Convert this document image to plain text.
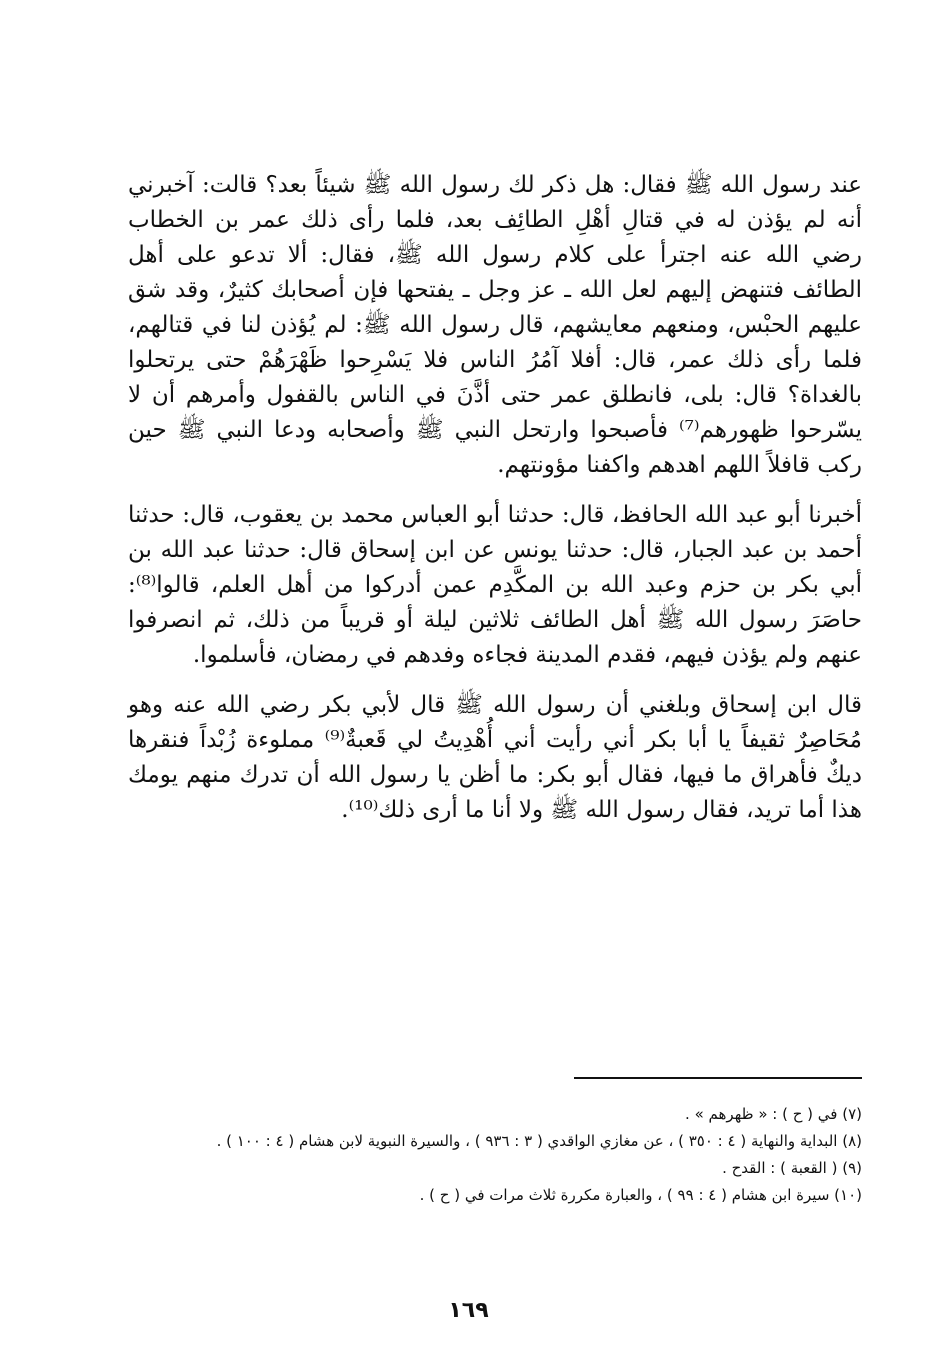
عند رسول الله ﷺ فقال: هل ذكر لك رسول الله ﷺ شيئاً بعد؟ قالت: آخبرني أنه لم يؤذن له في قتالِ أهْلِ الطائِف بعد، فلما رأى ذلك عمر بن الخطاب رضي الله عنه اجترأ على كلام رسول الله ﷺ، فقال: ألا تدعو على أهل الطائف فتنهض إليهم لعل الله ـ عز وجل ـ يفتحها فإن أصحابك كثيرٌ، وقد شق عليهم الحبْس، ومنعهم معايشهم، قال رسول الله ﷺ: لم يُؤذن لنا في قتالهم، فلما رأى ذلك عمر، قال: أفلا آمُرُ الناس فلا يَسْرِحوا ظَهْرَهُمْ حتى يرتحلوا بالغداة؟ قال: بلى، فانطلق عمر حتى أذَّنَ في الناس بالقفول وأمرهم أن لا يسّرحوا ظهورهم⁽⁷⁾ فأصبحوا وارتحل النبي ﷺ وأصحابه ودعا النبي ﷺ حين ركب قافلاً اللهم اهدهم واكفنا مؤونتهم.

أخبرنا أبو عبد الله الحافظ، قال: حدثنا أبو العباس محمد بن يعقوب، قال: حدثنا أحمد بن عبد الجبار، قال: حدثنا يونس عن ابن إسحاق قال: حدثنا عبد الله بن أبي بكر بن حزم وعبد الله بن المكَّدِم عمن أدركوا من أهل العلم، قالوا⁽⁸⁾: حاصَرَ رسول الله ﷺ أهل الطائف ثلاثين ليلة أو قريباً من ذلك، ثم انصرفوا عنهم ولم يؤذن فيهم، فقدم المدينة فجاءه وفدهم في رمضان، فأسلموا.

قال ابن إسحاق وبلغني أن رسول الله ﷺ قال لأبي بكر رضي الله عنه وهو مُحَاصِرٌ ثقيفاً يا أبا بكر أني رأيت أني أُهْدِيتُ لي قَعبةٌ⁽⁹⁾ مملوءة زُبْداً فنقرها ديكٌ فأهراق ما فيها، فقال أبو بكر: ما أظن يا رسول الله أن تدرك منهم يومك هذا أما تريد، فقال رسول الله ﷺ ولا أنا ما أرى ذلك⁽¹⁰⁾.

(٧) في ( ح ) : « ظهرهم » .

(٨) البداية والنهاية ( ٤ : ٣٥٠ ) ، عن مغازي الواقدي ( ٣ : ٩٣٦ ) ، والسيرة النبوية لابن هشام ( ٤ : ١٠٠ ) .

(٩) ( القعبة ) : القدح .

(١٠) سيرة ابن هشام ( ٤ : ٩٩ ) ، والعبارة مكررة ثلاث مرات في ( ح ) .

١٦٩
